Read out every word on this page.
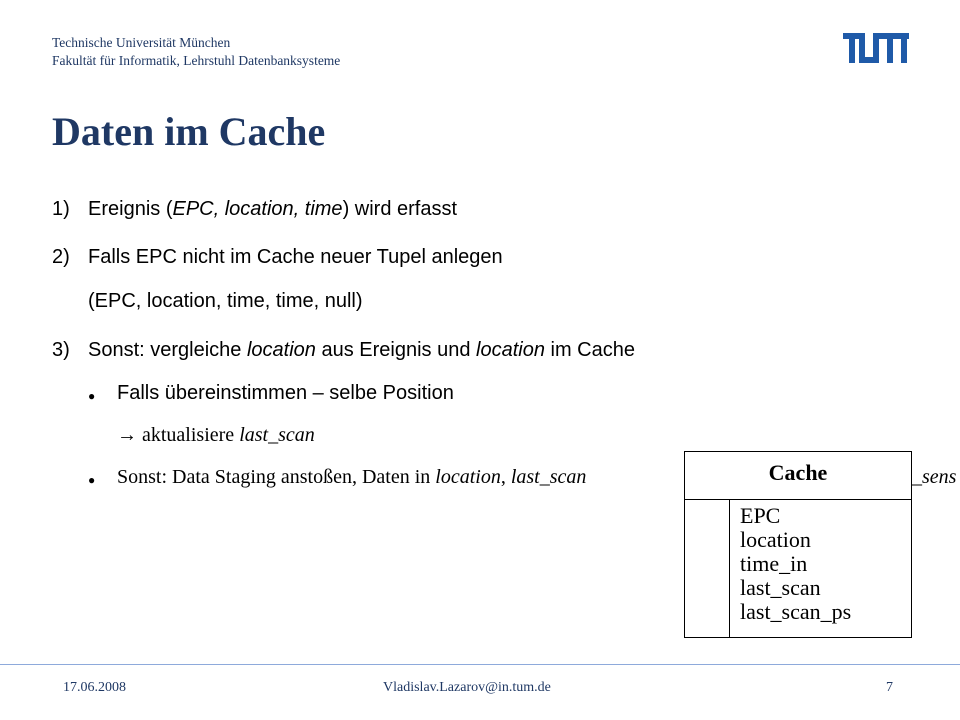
Technische Universität München
Fakultät für Informatik, Lehrstuhl Datenbanksysteme
Daten im Cache
1) Ereignis (EPC, location, time) wird erfasst
2) Falls EPC nicht im Cache neuer Tupel anlegen
(EPC, location, time, time, null)
3) Sonst: vergleiche location aus Ereignis und location im Cache
● Falls übereinstimmen – selbe Position
→ aktualisiere last_scan
● Sonst: Data Staging anstoßen, Daten in location, last_scan	_sens
Cache
EPC
location
time_in
last_scan
last_scan_ps
17.06.2008	Vladislav.Lazarov@in.tum.de	7
